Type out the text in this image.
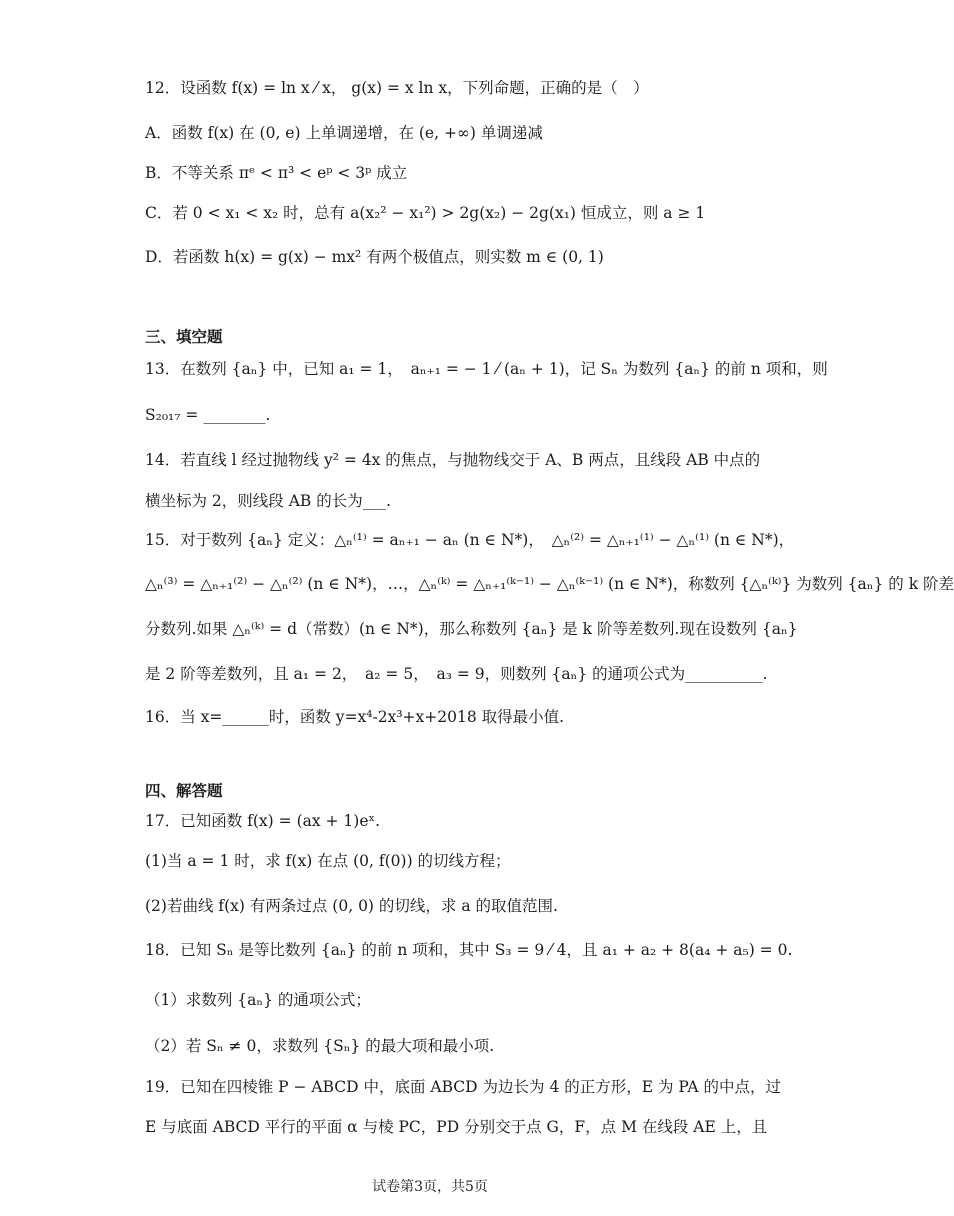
12．设函数 f(x) = ln x ⁄ x， g(x) = x ln x，下列命题，正确的是（　）
A．函数 f(x) 在 (0, e) 上单调递增，在 (e, +∞) 单调递减
B．不等关系 πᵉ < π³ < eᵖ < 3ᵖ 成立
C．若 0 < x₁ < x₂ 时，总有 a(x₂² − x₁²) > 2g(x₂) − 2g(x₁) 恒成立，则 a ≥ 1
D．若函数 h(x) = g(x) − mx² 有两个极值点，则实数 m ∈ (0, 1)
三、填空题
13．在数列 {aₙ} 中，已知 a₁ = 1，　aₙ₊₁ = − 1 ⁄ (aₙ + 1)，记 Sₙ 为数列 {aₙ} 的前 n 项和，则
S₂₀₁₇ = ________.
14．若直线 l 经过抛物线 y² = 4x 的焦点，与抛物线交于 A、B 两点，且线段 AB 中点的
横坐标为 2，则线段 AB 的长为___.
15．对于数列 {aₙ} 定义：△ₙ⁽¹⁾ = aₙ₊₁ − aₙ (n ∈ N*)，　△ₙ⁽²⁾ = △ₙ₊₁⁽¹⁾ − △ₙ⁽¹⁾ (n ∈ N*)，
△ₙ⁽³⁾ = △ₙ₊₁⁽²⁾ − △ₙ⁽²⁾ (n ∈ N*)，…，△ₙ⁽ᵏ⁾ = △ₙ₊₁⁽ᵏ⁻¹⁾ − △ₙ⁽ᵏ⁻¹⁾ (n ∈ N*)，称数列 {△ₙ⁽ᵏ⁾} 为数列 {aₙ} 的 k 阶差
分数列.如果 △ₙ⁽ᵏ⁾ = d（常数）(n ∈ N*)，那么称数列 {aₙ} 是 k 阶等差数列.现在设数列 {aₙ}
是 2 阶等差数列，且 a₁ = 2，　a₂ = 5，　a₃ = 9，则数列 {aₙ} 的通项公式为__________.
16．当 x=______时，函数 y=x⁴-2x³+x+2018 取得最小值.
四、解答题
17．已知函数 f(x) = (ax + 1)eˣ.
(1)当 a = 1 时，求 f(x) 在点 (0, f(0)) 的切线方程；
(2)若曲线 f(x) 有两条过点 (0, 0) 的切线，求 a 的取值范围.
18．已知 Sₙ 是等比数列 {aₙ} 的前 n 项和，其中 S₃ = 9 ⁄ 4，且 a₁ + a₂ + 8(a₄ + a₅) = 0.
（1）求数列 {aₙ} 的通项公式；
（2）若 Sₙ ≠ 0，求数列 {Sₙ} 的最大项和最小项.
19．已知在四棱锥 P − ABCD 中，底面 ABCD 为边长为 4 的正方形，E 为 PA 的中点，过
E 与底面 ABCD 平行的平面 α 与棱 PC，PD 分别交于点 G，F，点 M 在线段 AE 上，且
试卷第3页，共5页
